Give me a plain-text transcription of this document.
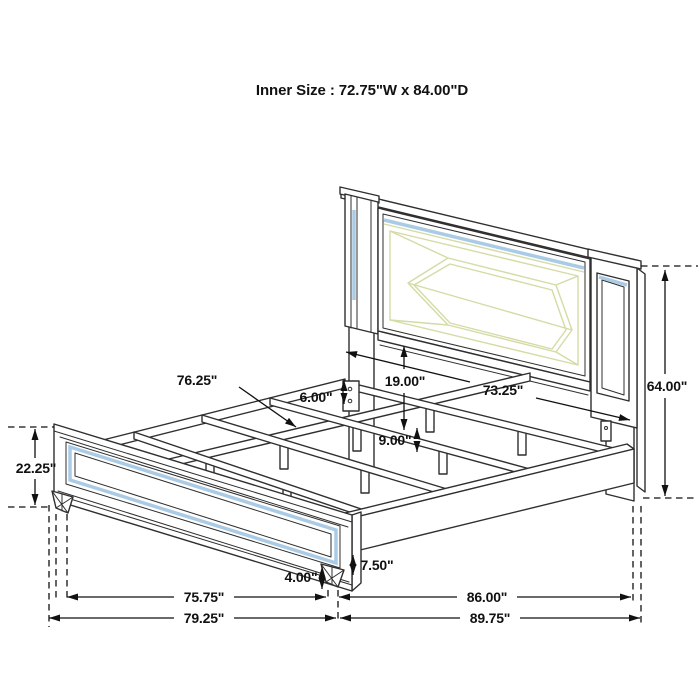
Inner Size : 72.75"W x 84.00"D
19.00"
73.25"	64.00"
22.25"
9.00"
6.00"
76.25"
4.00"
7.50"
75.75"
79.25"
86.00"
89.75"
